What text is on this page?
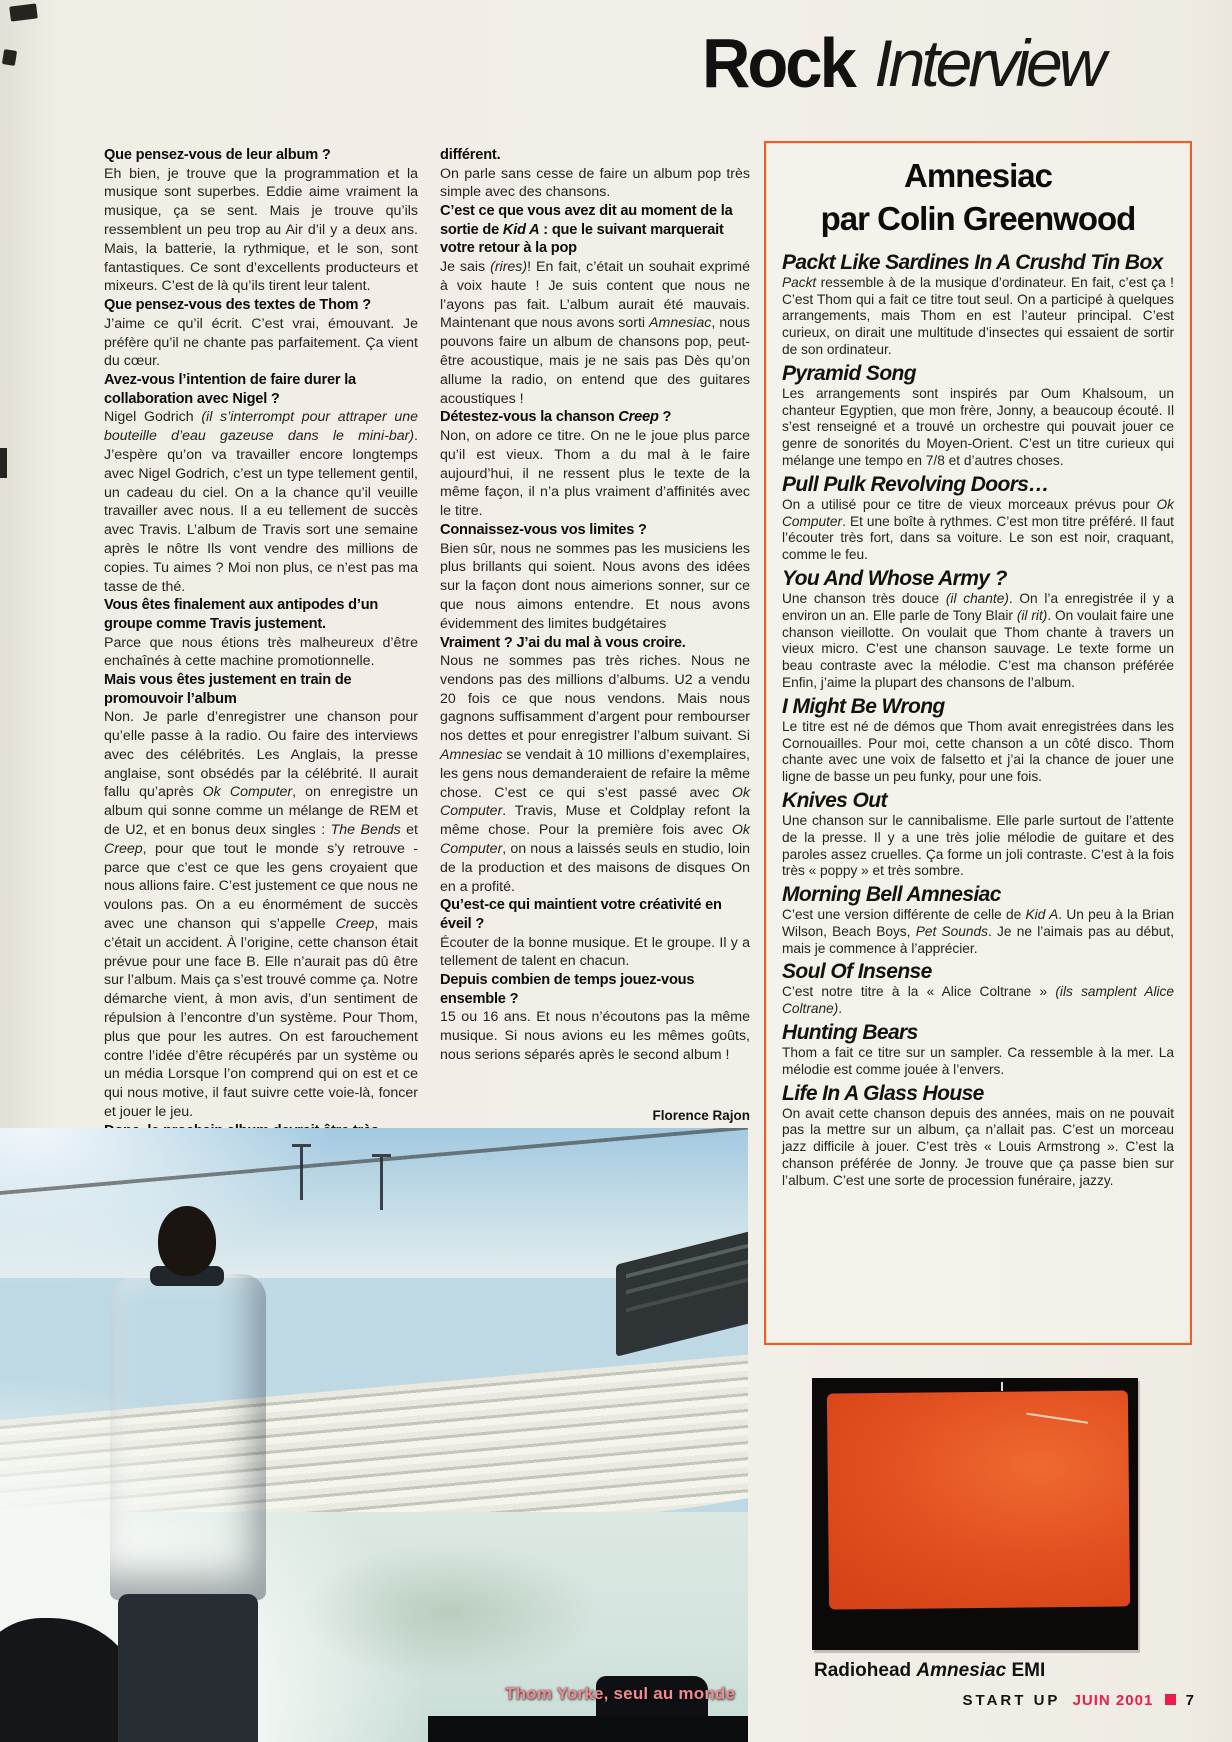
Rock Interview

Que pensez-vous de leur album ?

Eh bien, je trouve que la programmation et la musique sont superbes. Eddie aime vraiment la musique, ça se sent. Mais je trouve qu’ils ressemblent un peu trop au Air d’il y a deux ans. Mais, la batterie, la rythmique, et le son, sont fantastiques. Ce sont d’excellents producteurs et mixeurs. C’est de là qu’ils tirent leur talent.

Que pensez-vous des textes de Thom ?

J’aime ce qu’il écrit. C’est vrai, émouvant. Je préfère qu’il ne chante pas parfaitement. Ça vient du cœur.

Avez-vous l’intention de faire durer la collaboration avec Nigel ?

Nigel Godrich (il s’interrompt pour attraper une bouteille d’eau gazeuse dans le mini-bar). J’espère qu’on va travailler encore longtemps avec Nigel Godrich, c’est un type tellement gentil, un cadeau du ciel. On a la chance qu’il veuille travailler avec nous. Il a eu tellement de succès avec Travis. L’album de Travis sort une semaine après le nôtre Ils vont vendre des millions de copies. Tu aimes ? Moi non plus, ce n’est pas ma tasse de thé.

Vous êtes finalement aux antipodes d’un groupe comme Travis justement.

Parce que nous étions très malheureux d’être enchaînés à cette machine promotionnelle.

Mais vous êtes justement en train de promouvoir l’album

Non. Je parle d’enregistrer une chanson pour qu’elle passe à la radio. Ou faire des interviews avec des célébrités. Les Anglais, la presse anglaise, sont obsédés par la célébrité. Il aurait fallu qu’après Ok Computer, on enregistre un album qui sonne comme un mélange de REM et de U2, et en bonus deux singles : The Bends et Creep, pour que tout le monde s’y retrouve - parce que c’est ce que les gens croyaient que nous allions faire. C’est justement ce que nous ne voulons pas. On a eu énormément de succès avec une chanson qui s’appelle Creep, mais c’était un accident. À l’origine, cette chanson était prévue pour une face B. Elle n’aurait pas dû être sur l’album. Mais ça s’est trouvé comme ça. Notre démarche vient, à mon avis, d’un sentiment de répulsion à l’encontre d’un système. Pour Thom, plus que pour les autres. On est farouchement contre l’idée d’être récupérés par un système ou un média Lorsque l’on comprend qui on est et ce qui nous motive, il faut suivre cette voie-là, foncer et jouer le jeu.

différent.

On parle sans cesse de faire un album pop très simple avec des chansons.

C’est ce que vous avez dit au moment de la sortie de Kid A : que le suivant marquerait votre retour à la pop

Je sais (rires)! En fait, c’était un souhait exprimé à voix haute ! Je suis content que nous ne l’ayons pas fait. L’album aurait été mauvais. Maintenant que nous avons sorti Amnesiac, nous pouvons faire un album de chansons pop, peut-être acoustique, mais je ne sais pas Dès qu’on allume la radio, on entend que des guitares acoustiques !

Détestez-vous la chanson Creep ?

Non, on adore ce titre. On ne le joue plus parce qu’il est vieux. Thom a du mal à le faire aujourd’hui, il ne ressent plus le texte de la même façon, il n’a plus vraiment d’affinités avec le titre.

Connaissez-vous vos limites ?

Bien sûr, nous ne sommes pas les musiciens les plus brillants qui soient. Nous avons des idées sur la façon dont nous aimerions sonner, sur ce que nous aimons entendre. Et nous avons évidemment des limites budgétaires

Vraiment ? J’ai du mal à vous croire.

Nous ne sommes pas très riches. Nous ne vendons pas des millions d’albums. U2 a vendu 20 fois ce que nous vendons. Mais nous gagnons suffisamment d’argent pour rembourser nos dettes et pour enregistrer l’album suivant. Si Amnesiac se vendait à 10 millions d’exemplaires, les gens nous demanderaient de refaire la même chose. C’est ce qui s’est passé avec Ok Computer. Travis, Muse et Coldplay refont la même chose. Pour la première fois avec Ok Computer, on nous a laissés seuls en studio, loin de la production et des maisons de disques On en a profité.

Qu’est-ce qui maintient votre créativité en éveil ?

Écouter de la bonne musique. Et le groupe. Il y a tellement de talent en chacun.

Depuis combien de temps jouez-vous ensemble ?

15 ou 16 ans. Et nous n’écoutons pas la même musique. Si nous avions eu les mêmes goûts, nous serions séparés après le second album !

Florence Rajon
Amnesiac
par Colin Greenwood
Packt Like Sardines In A Crushd Tin Box

Packt ressemble à de la musique d’ordinateur. En fait, c’est ça ! C’est Thom qui a fait ce titre tout seul. On a participé à quelques arrangements, mais Thom en est l’auteur principal. C’est curieux, on dirait une multitude d’insectes qui essaient de sortir de son ordinateur.

Pyramid Song

Les arrangements sont inspirés par Oum Khalsoum, un chanteur Egyptien, que mon frère, Jonny, a beaucoup écouté. Il s’est renseigné et a trouvé un orchestre qui pouvait jouer ce genre de sonorités du Moyen-Orient. C’est un titre curieux qui mélange une tempo en 7/8 et d’autres choses.

Pull Pulk Revolving Doors…

On a utilisé pour ce titre de vieux morceaux prévus pour Ok Computer. Et une boîte à rythmes. C’est mon titre préféré. Il faut l’écouter très fort, dans sa voiture. Le son est noir, craquant, comme le feu.

You And Whose Army ?

Une chanson très douce (il chante). On l’a enregistrée il y a environ un an. Elle parle de Tony Blair (il rit). On voulait faire une chanson vieillotte. On voulait que Thom chante à travers un vieux micro. C’est une chanson sauvage. Le texte forme un beau contraste avec la mélodie. C’est ma chanson préférée Enfin, j’aime la plupart des chansons de l’album.

I Might Be Wrong

Le titre est né de démos que Thom avait enregistrées dans les Cornouailles. Pour moi, cette chanson a un côté disco. Thom chante avec une voix de falsetto et j’ai la chance de jouer une ligne de basse un peu funky, pour une fois.

Knives Out

Une chanson sur le cannibalisme. Elle parle surtout de l’attente de la presse. Il y a une très jolie mélodie de guitare et des paroles assez cruelles. Ça forme un joli contraste. C’est à la fois très « poppy » et très sombre.

Morning Bell Amnesiac

C’est une version différente de celle de Kid A. Un peu à la Brian Wilson, Beach Boys, Pet Sounds. Je ne l’aimais pas au début, mais je commence à l’apprécier.

Soul Of Insense

C’est notre titre à la « Alice Coltrane » (ils samplent Alice Coltrane).

Hunting Bears

Thom a fait ce titre sur un sampler. Ca ressemble à la mer. La mélodie est comme jouée à l’envers.

Life In A Glass House

On avait cette chanson depuis des années, mais on ne pouvait pas la mettre sur un album, ça n’allait pas. C’est un morceau jazz difficile à jouer. C’est très « Louis Armstrong ». C’est la chanson préférée de Jonny. Je trouve que ça passe bien sur l’album. C’est une sorte de procession funéraire, jazzy.

Thom Yorke, seul au monde
Radiohead Amnesiac EMI
START UP JUIN 2001 7
